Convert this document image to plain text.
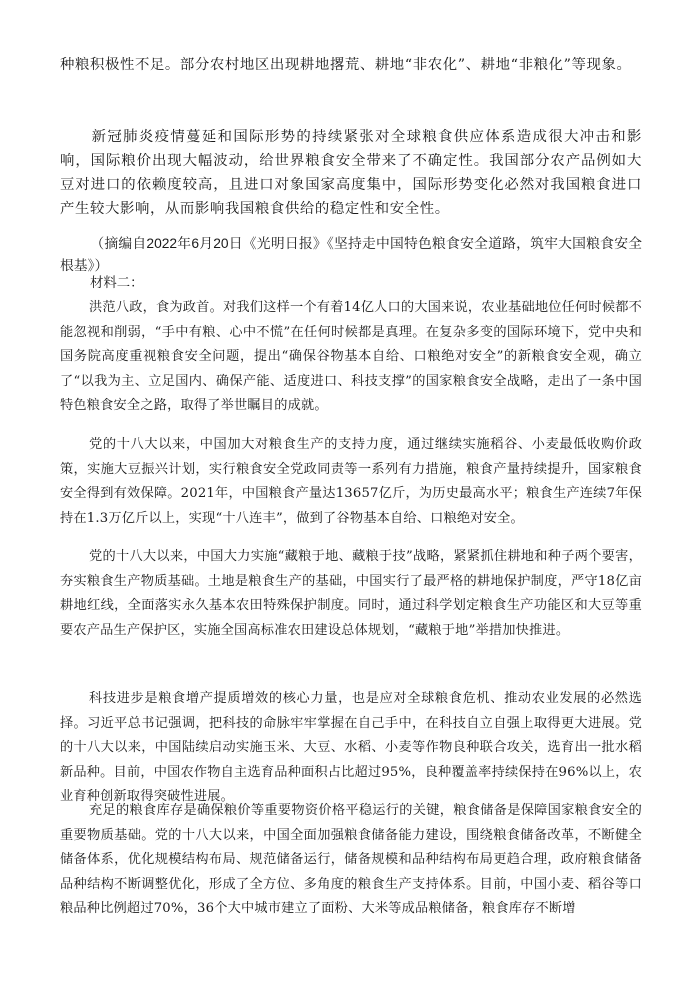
种粮积极性不足。部分农村地区出现耕地撂荒、耕地“非农化”、耕地“非粮化”等现象。

新冠肺炎疫情蔓延和国际形势的持续紧张对全球粮食供应体系造成很大冲击和影响，国际粮价出现大幅波动，给世界粮食安全带来了不确定性。我国部分农产品例如大豆对进口的依赖度较高，且进口对象国家高度集中，国际形势变化必然对我国粮食进口产生较大影响，从而影响我国粮食供给的稳定性和安全性。

（摘编自2022年6月20日《光明日报》《坚持走中国特色粮食安全道路，筑牢大国粮食安全根基》）

材料二：

洪范八政，食为政首。对我们这样一个有着14亿人口的大国来说，农业基础地位任何时候都不能忽视和削弱，“手中有粮、心中不慌”在任何时候都是真理。在复杂多变的国际环境下，党中央和国务院高度重视粮食安全问题，提出“确保谷物基本自给、口粮绝对安全”的新粮食安全观，确立了“以我为主、立足国内、确保产能、适度进口、科技支撑”的国家粮食安全战略，走出了一条中国特色粮食安全之路，取得了举世瞩目的成就。

党的十八大以来，中国加大对粮食生产的支持力度，通过继续实施稻谷、小麦最低收购价政策，实施大豆振兴计划，实行粮食安全党政同责等一系列有力措施，粮食产量持续提升，国家粮食安全得到有效保障。2021年，中国粮食产量达13657亿斤，为历史最高水平；粮食生产连续7年保持在1.3万亿斤以上，实现“十八连丰”，做到了谷物基本自给、口粮绝对安全。

党的十八大以来，中国大力实施“藏粮于地、藏粮于技”战略，紧紧抓住耕地和种子两个要害，夯实粮食生产物质基础。土地是粮食生产的基础，中国实行了最严格的耕地保护制度，严守18亿亩耕地红线，全面落实永久基本农田特殊保护制度。同时，通过科学划定粮食生产功能区和大豆等重要农产品生产保护区，实施全国高标准农田建设总体规划，“藏粮于地”举措加快推进。

科技进步是粮食增产提质增效的核心力量，也是应对全球粮食危机、推动农业发展的必然选择。习近平总书记强调，把科技的命脉牢牢掌握在自己手中，在科技自立自强上取得更大进展。党的十八大以来，中国陆续启动实施玉米、大豆、水稻、小麦等作物良种联合攻关，选育出一批水稻新品种。目前，中国农作物自主选育品种面积占比超过95%，良种覆盖率持续保持在96%以上，农业育种创新取得突破性进展。

充足的粮食库存是确保粮价等重要物资价格平稳运行的关键，粮食储备是保障国家粮食安全的重要物质基础。党的十八大以来，中国全面加强粮食储备能力建设，围绕粮食储备改革，不断健全储备体系，优化规模结构布局、规范储备运行，储备规模和品种结构布局更趋合理，政府粮食储备品种结构不断调整优化，形成了全方位、多角度的粮食生产支持体系。目前，中国小麦、稻谷等口粮品种比例超过70%，36个大中城市建立了面粉、大米等成品粮储备，粮食库存不断增
